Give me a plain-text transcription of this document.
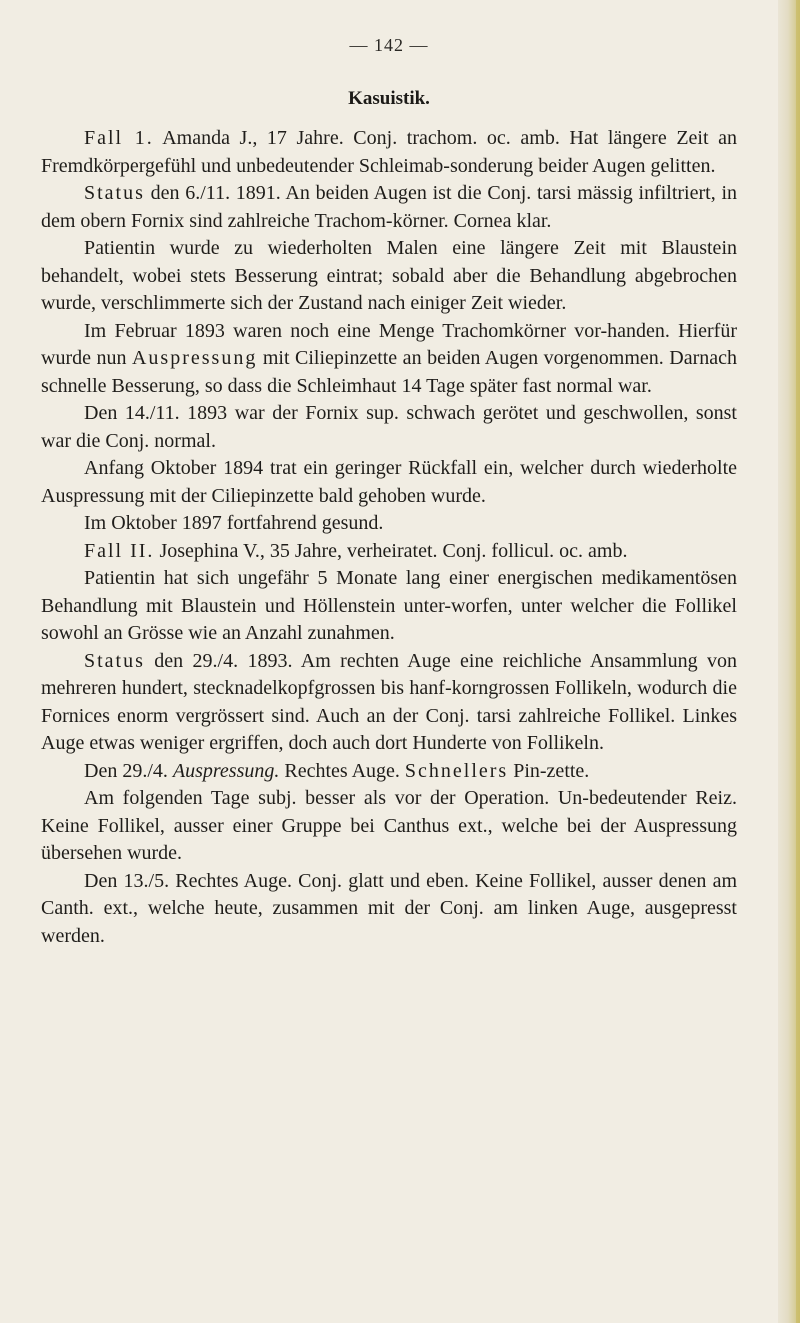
— 142 —
Kasuistik.

Fall 1. Amanda J., 17 Jahre. Conj. trachom. oc. amb. Hat längere Zeit an Fremdkörpergefühl und unbedeutender Schleimab-sonderung beider Augen gelitten.

Status den 6./11. 1891. An beiden Augen ist die Conj. tarsi mässig infiltriert, in dem obern Fornix sind zahlreiche Trachom-körner. Cornea klar.

Patientin wurde zu wiederholten Malen eine längere Zeit mit Blaustein behandelt, wobei stets Besserung eintrat; sobald aber die Behandlung abgebrochen wurde, verschlimmerte sich der Zustand nach einiger Zeit wieder.

Im Februar 1893 waren noch eine Menge Trachomkörner vor-handen. Hierfür wurde nun Auspressung mit Ciliepinzette an beiden Augen vorgenommen. Darnach schnelle Besserung, so dass die Schleimhaut 14 Tage später fast normal war.

Den 14./11. 1893 war der Fornix sup. schwach gerötet und geschwollen, sonst war die Conj. normal.

Anfang Oktober 1894 trat ein geringer Rückfall ein, welcher durch wiederholte Auspressung mit der Ciliepinzette bald gehoben wurde.

Im Oktober 1897 fortfahrend gesund.

Fall II. Josephina V., 35 Jahre, verheiratet. Conj. follicul. oc. amb.

Patientin hat sich ungefähr 5 Monate lang einer energischen medikamentösen Behandlung mit Blaustein und Höllenstein unter-worfen, unter welcher die Follikel sowohl an Grösse wie an Anzahl zunahmen.

Status den 29./4. 1893. Am rechten Auge eine reichliche Ansammlung von mehreren hundert, stecknadelkopfgrossen bis hanf-korngrossen Follikeln, wodurch die Fornices enorm vergrössert sind. Auch an der Conj. tarsi zahlreiche Follikel. Linkes Auge etwas weniger ergriffen, doch auch dort Hunderte von Follikeln.

Den 29./4. Auspressung. Rechtes Auge. Schnellers Pin-zette.

Am folgenden Tage subj. besser als vor der Operation. Un-bedeutender Reiz. Keine Follikel, ausser einer Gruppe bei Canthus ext., welche bei der Auspressung übersehen wurde.

Den 13./5. Rechtes Auge. Conj. glatt und eben. Keine Follikel, ausser denen am Canth. ext., welche heute, zusammen mit der Conj. am linken Auge, ausgepresst werden.
